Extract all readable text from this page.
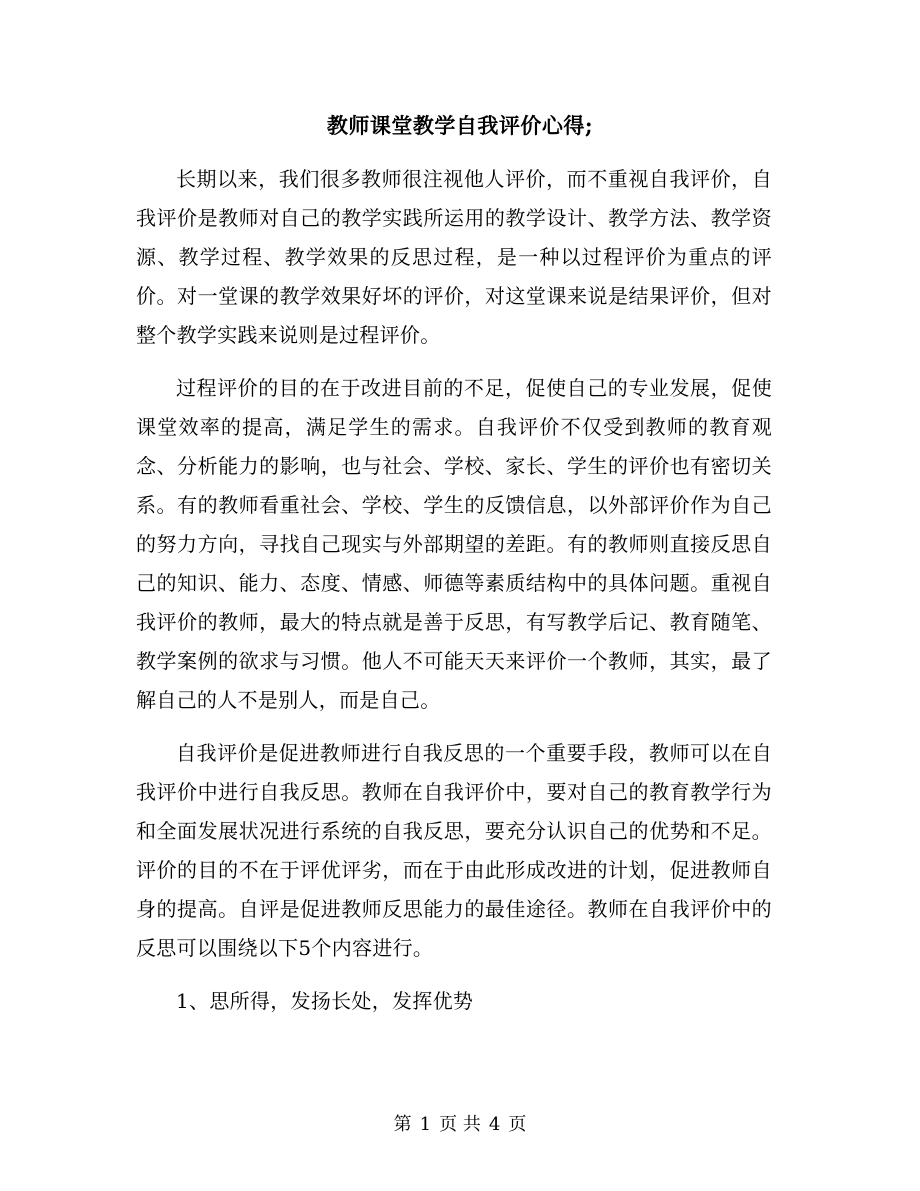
教师课堂教学自我评价心得;

长期以来，我们很多教师很注视他人评价，而不重视自我评价，自我评价是教师对自己的教学实践所运用的教学设计、教学方法、教学资源、教学过程、教学效果的反思过程，是一种以过程评价为重点的评价。对一堂课的教学效果好坏的评价，对这堂课来说是结果评价，但对整个教学实践来说则是过程评价。

过程评价的目的在于改进目前的不足，促使自己的专业发展，促使课堂效率的提高，满足学生的需求。自我评价不仅受到教师的教育观念、分析能力的影响，也与社会、学校、家长、学生的评价也有密切关系。有的教师看重社会、学校、学生的反馈信息，以外部评价作为自己的努力方向，寻找自己现实与外部期望的差距。有的教师则直接反思自己的知识、能力、态度、情感、师德等素质结构中的具体问题。重视自我评价的教师，最大的特点就是善于反思，有写教学后记、教育随笔、教学案例的欲求与习惯。他人不可能天天来评价一个教师，其实，最了解自己的人不是别人，而是自己。

自我评价是促进教师进行自我反思的一个重要手段，教师可以在自我评价中进行自我反思。教师在自我评价中，要对自己的教育教学行为和全面发展状况进行系统的自我反思，要充分认识自己的优势和不足。评价的目的不在于评优评劣，而在于由此形成改进的计划，促进教师自身的提高。自评是促进教师反思能力的最佳途径。教师在自我评价中的反思可以围绕以下5个内容进行。

1、思所得，发扬长处，发挥优势

第 1 页 共 4 页
